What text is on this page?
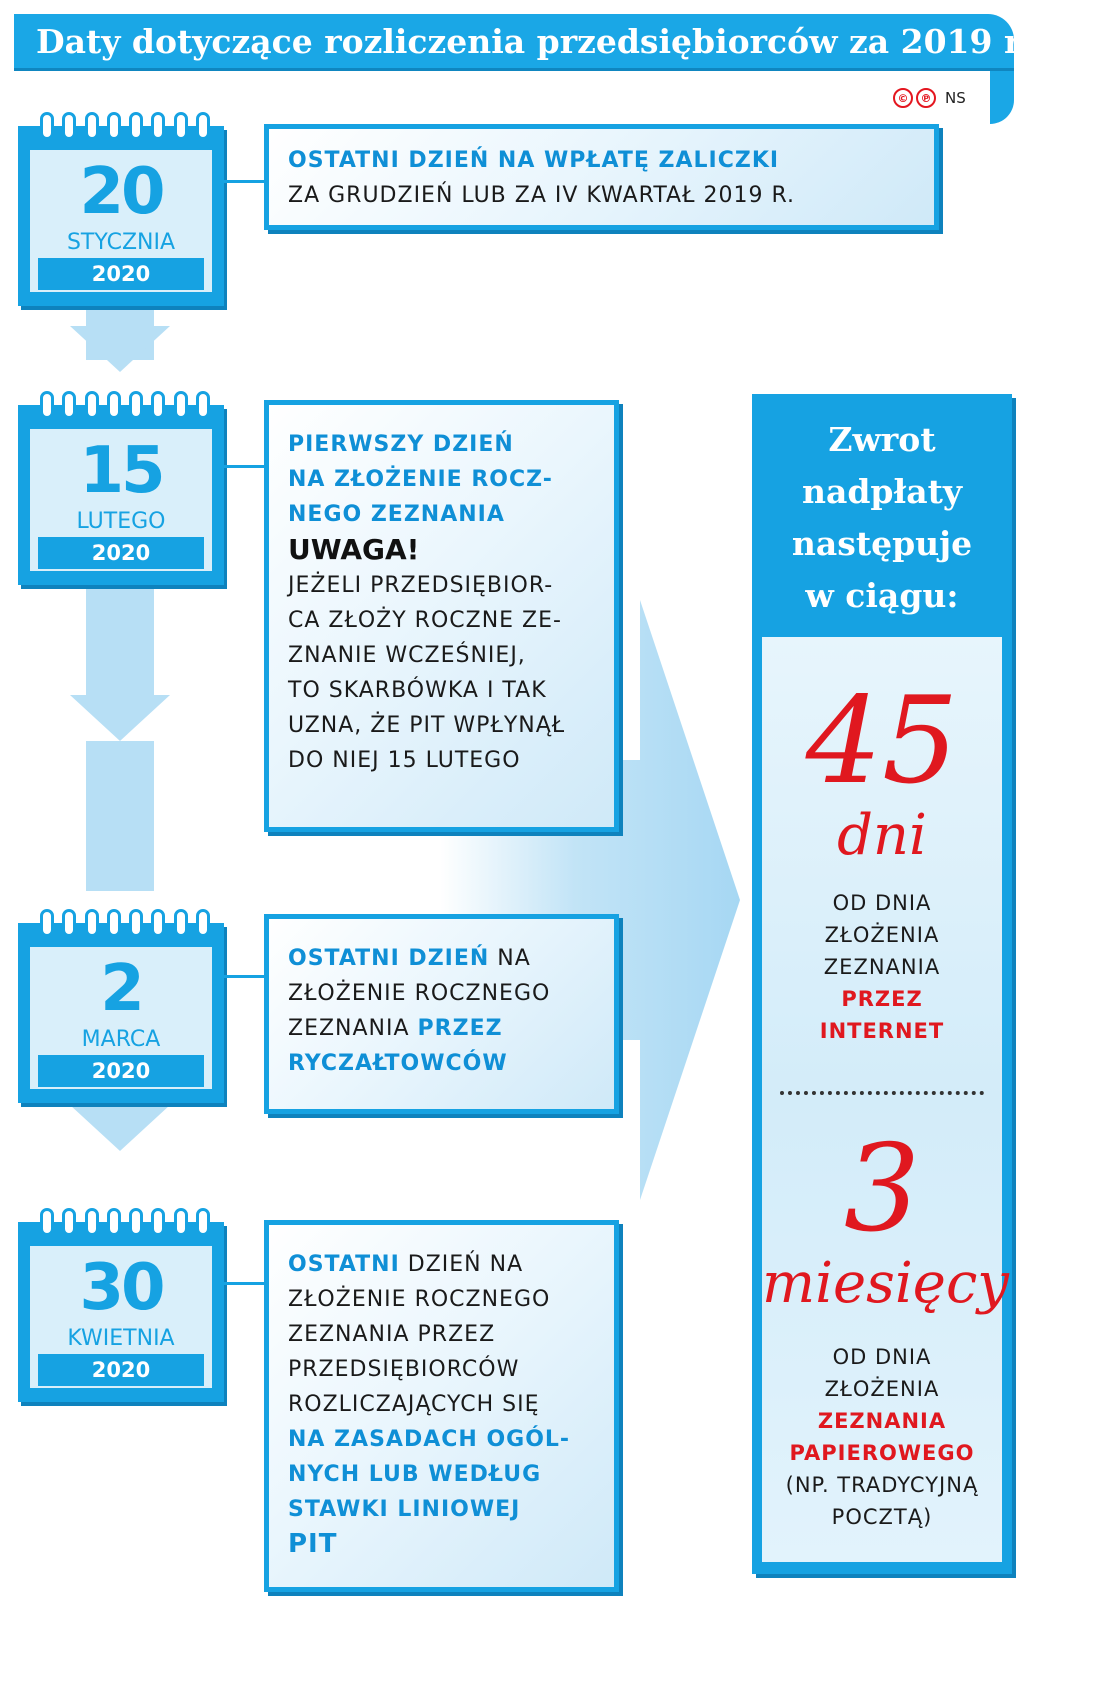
Daty dotyczące rozliczenia przedsiębiorców za 2019 r.
©	℗ NS
20
STYCZNIA
2020
15
LUTEGO
2020
2
MARCA
2020
30
KWIETNIA
2020

OSTATNI DZIEŃ NA WPŁATĘ ZALICZKI

ZA GRUDZIEŃ LUB ZA IV KWARTAŁ 2019 R.

PIERWSZY DZIEŃ

NA ZŁOŻENIE ROCZ-

NEGO ZEZNANIA

UWAGA!

JEŻELI PRZEDSIĘBIOR-

CA ZŁOŻY ROCZNE ZE-

ZNANIE WCZEŚNIEJ,

TO SKARBÓWKA I TAK

UZNA, ŻE PIT WPŁYNĄŁ

DO NIEJ 15 LUTEGO

OSTATNI DZIEŃ NA

ZŁOŻENIE ROCZNEGO

ZEZNANIA PRZEZ

RYCZAŁTOWCÓW

OSTATNI DZIEŃ NA

ZŁOŻENIE ROCZNEGO

ZEZNANIA PRZEZ

PRZEDSIĘBIORCÓW

ROZLICZAJĄCYCH SIĘ

NA ZASADACH OGÓL-

NYCH LUB WEDŁUG

STAWKI LINIOWEJ

PIT

Zwrot
nadpłaty
następuje
w ciągu:
45
dni
OD DNIA
ZŁOŻENIA
ZEZNANIA
PRZEZ
INTERNET
3
miesięcy
OD DNIA
ZŁOŻENIA
ZEZNANIA
PAPIEROWEGO
(NP. TRADYCYJNĄ
POCZTĄ)
